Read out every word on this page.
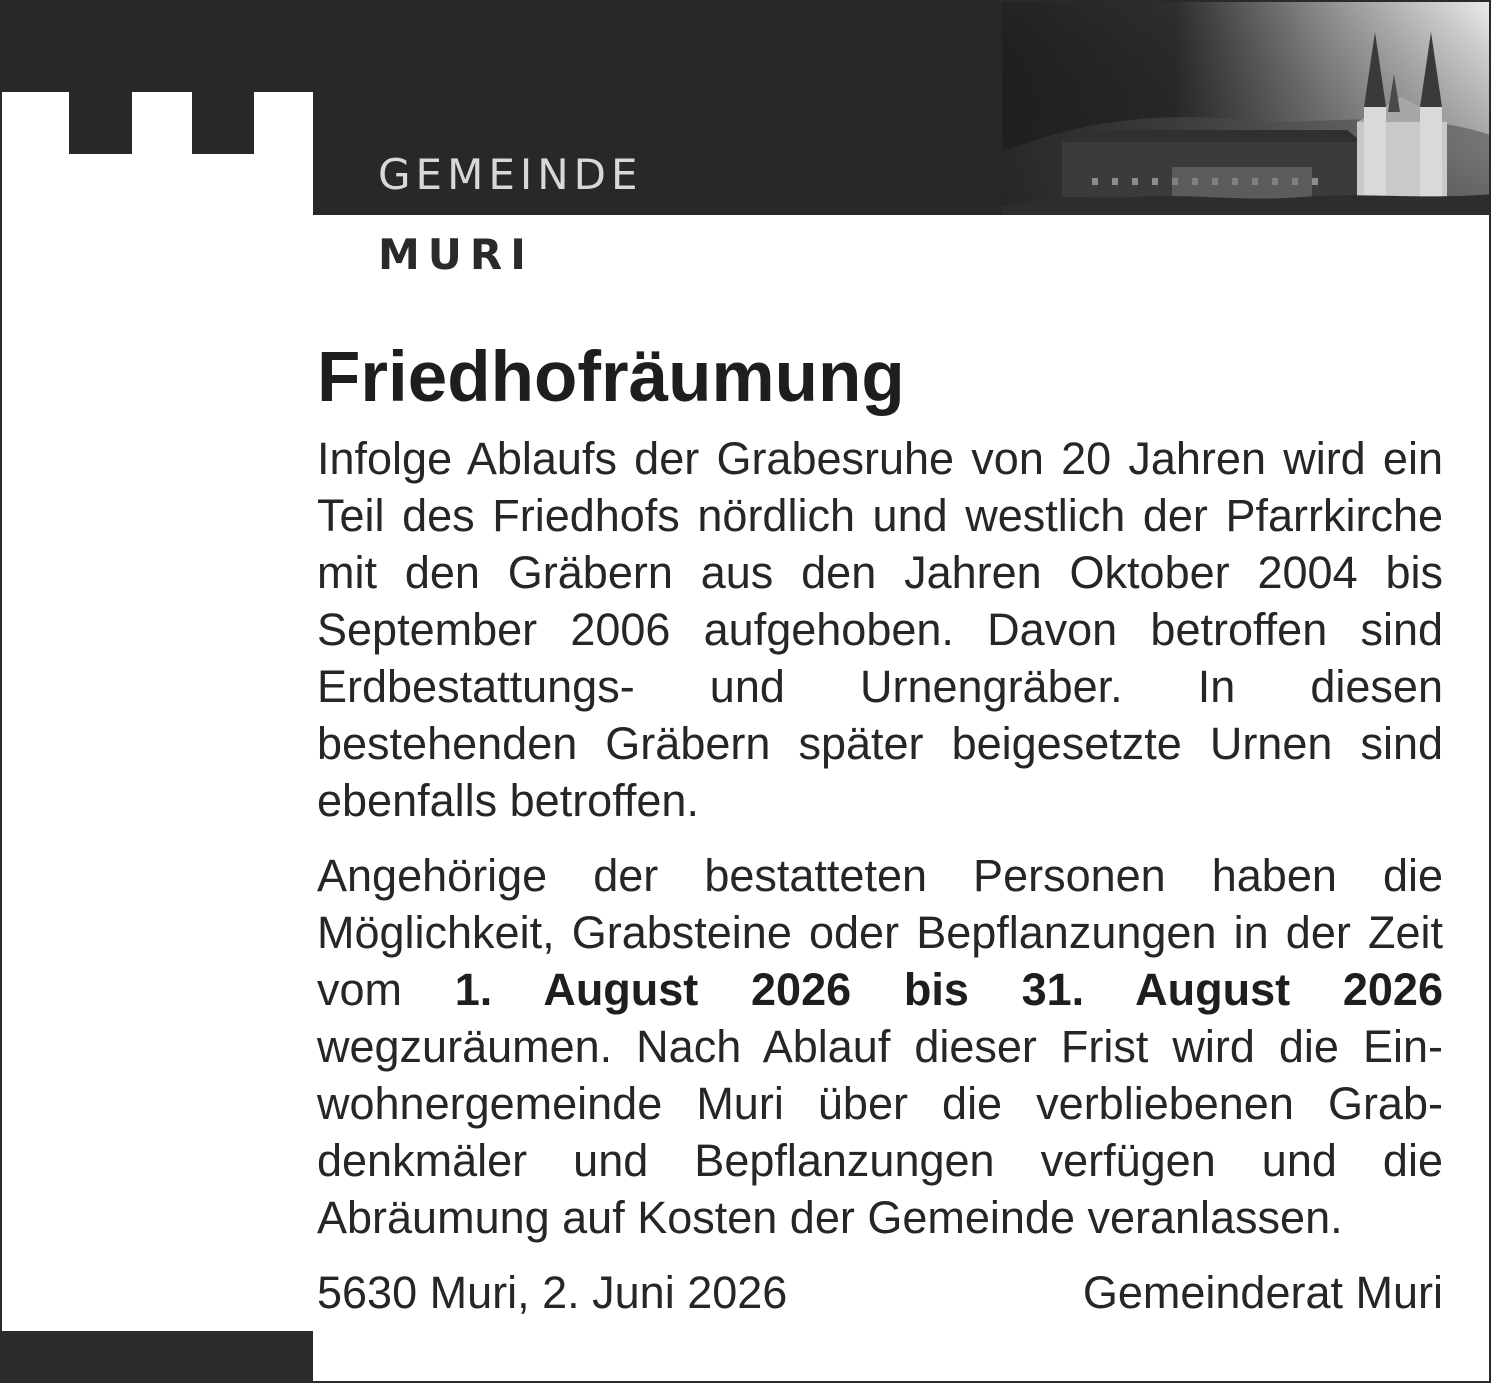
GEMEINDE
MURI
Friedhofräumung

Infolge Ablaufs der Grabesruhe von 20 Jahren wird ein Teil des Friedhofs nördlich und westlich der Pfarrkirche mit den Gräbern aus den Jahren Oktober 2004 bis September 2006 aufgehoben. Davon betroffen sind Erdbestattungs- und Urnengräber. In diesen bestehenden Gräbern später beigesetzte Urnen sind ebenfalls betroffen.

Angehörige der bestatteten Personen haben die Möglichkeit, Grabsteine oder Bepflanzungen in der Zeit vom 1. August 2026 bis 31. August 2026 wegzuräumen. Nach Ablauf dieser Frist wird die Einwohnergemeinde Muri über die verbliebenen Grabdenkmäler und Bepflanzungen verfügen und die Abräumung auf Kosten der Gemeinde veranlassen.

5630 Muri, 2. Juni 2026	Gemeinderat Muri
